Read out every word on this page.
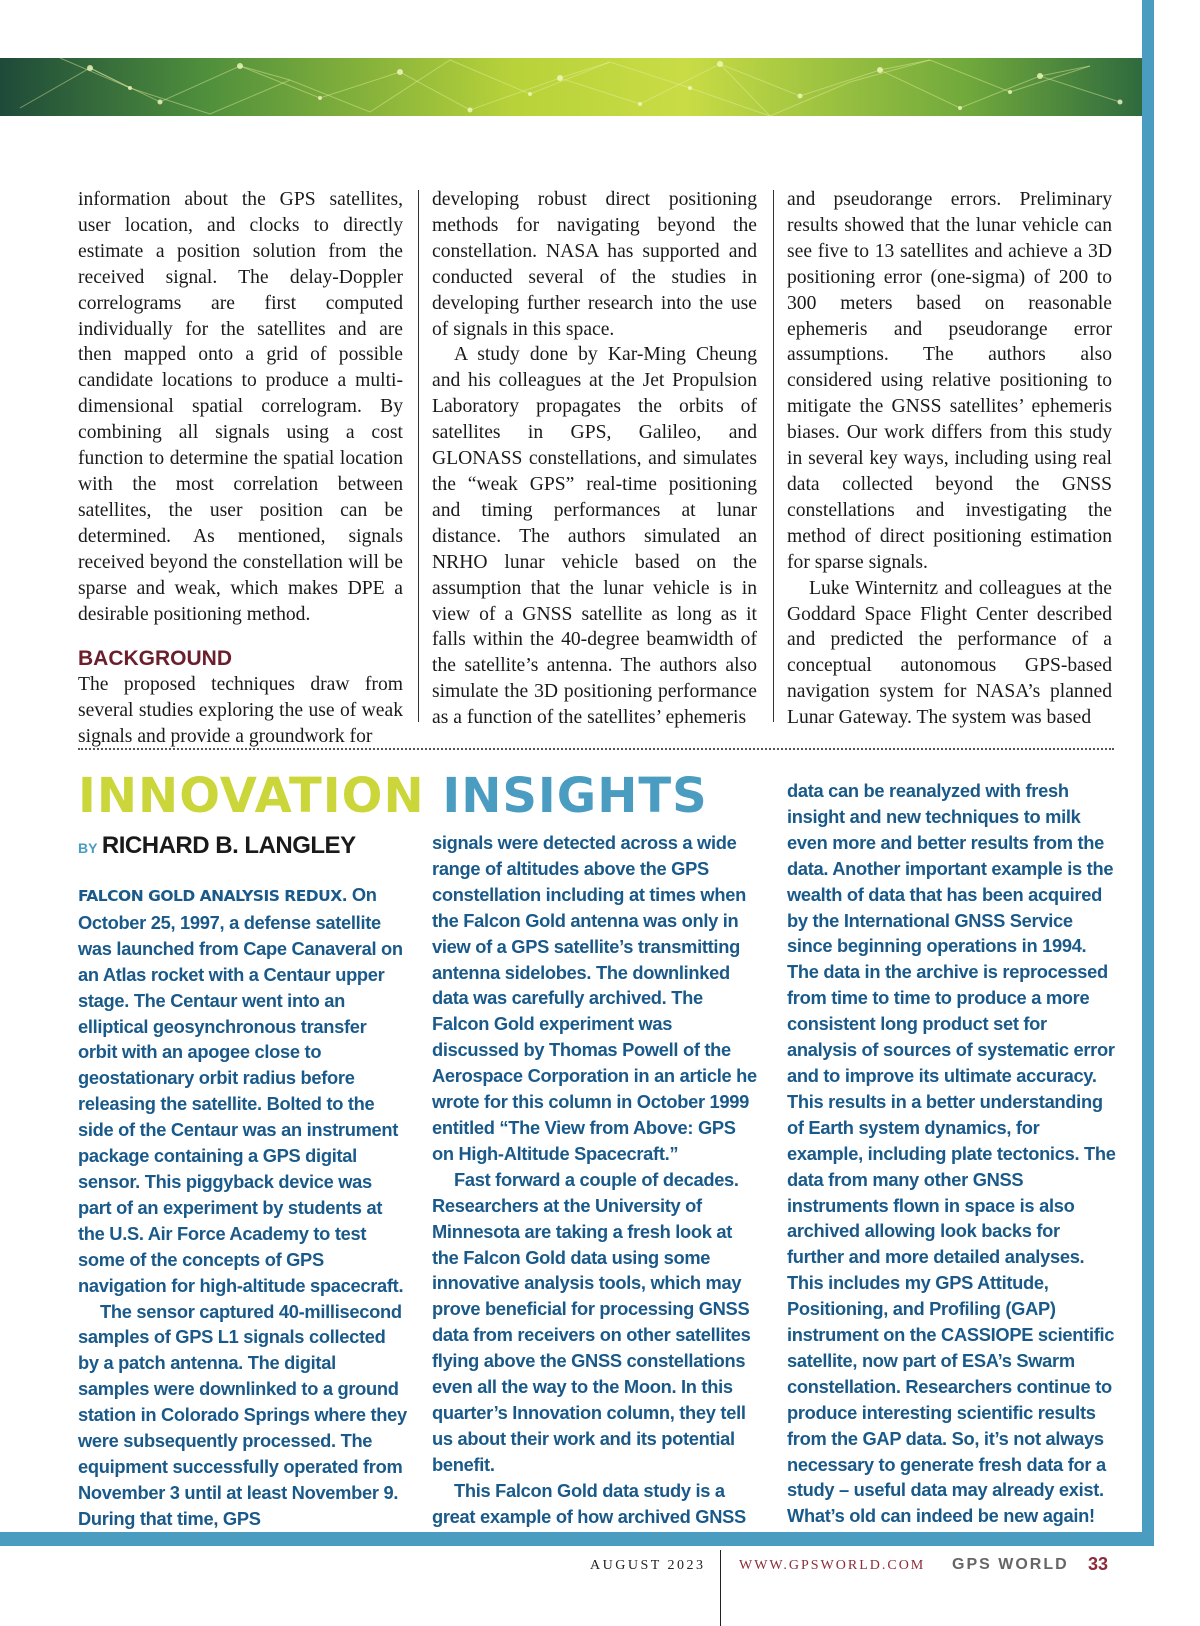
information about the GPS satellites, user location, and clocks to directly estimate a position solution from the received signal. The delay-Doppler correlograms are first computed individually for the satellites and are then mapped onto a grid of possible candidate locations to produce a multi-dimensional spatial correlogram. By combining all signals using a cost function to determine the spatial location with the most correlation between satellites, the user position can be determined. As mentioned, signals received beyond the constellation will be sparse and weak, which makes DPE a desirable positioning method.

BACKGROUND

The proposed techniques draw from several studies exploring the use of weak signals and provide a groundwork for

developing robust direct positioning methods for navigating beyond the constellation. NASA has supported and conducted several of the studies in developing further research into the use of signals in this space.

A study done by Kar-Ming Cheung and his colleagues at the Jet Propulsion Laboratory propagates the orbits of satellites in GPS, Galileo, and GLONASS constellations, and simulates the “weak GPS” real-time positioning and timing performances at lunar distance. The authors simulated an NRHO lunar vehicle based on the assumption that the lunar vehicle is in view of a GNSS satellite as long as it falls within the 40-degree beamwidth of the satellite’s antenna. The authors also simulate the 3D positioning performance as a function of the satellites’ ephemeris

and pseudorange errors. Preliminary results showed that the lunar vehicle can see five to 13 satellites and achieve a 3D positioning error (one-sigma) of 200 to 300 meters based on reasonable ephemeris and pseudorange error assumptions. The authors also considered using relative positioning to mitigate the GNSS satellites’ ephemeris biases. Our work differs from this study in several key ways, including using real data collected beyond the GNSS constellations and investigating the method of direct positioning estimation for sparse signals.

Luke Winternitz and colleagues at the Goddard Space Flight Center described and predicted the performance of a conceptual autonomous GPS-based navigation system for NASA’s planned Lunar Gateway. The system was based

INNOVATION INSIGHTS

BY RICHARD B. LANGLEY

FALCON GOLD ANALYSIS REDUX. On October 25, 1997, a defense satellite was launched from Cape Canaveral on an Atlas rocket with a Centaur upper stage. The Centaur went into an elliptical geosynchronous transfer orbit with an apogee close to geostationary orbit radius before releasing the satellite. Bolted to the side of the Centaur was an instrument package containing a GPS digital sensor. This piggyback device was part of an experiment by students at the U.S. Air Force Academy to test some of the concepts of GPS navigation for high-altitude spacecraft.

The sensor captured 40-millisecond samples of GPS L1 signals collected by a patch antenna. The digital samples were downlinked to a ground station in Colorado Springs where they were subsequently processed. The equipment successfully operated from November 3 until at least November 9. During that time, GPS

signals were detected across a wide range of altitudes above the GPS constellation including at times when the Falcon Gold antenna was only in view of a GPS satellite’s transmitting antenna sidelobes. The downlinked data was carefully archived. The Falcon Gold experiment was discussed by Thomas Powell of the Aerospace Corporation in an article he wrote for this column in October 1999 entitled “The View from Above: GPS on High-Altitude Spacecraft.”

Fast forward a couple of decades. Researchers at the University of Minnesota are taking a fresh look at the Falcon Gold data using some innovative analysis tools, which may prove beneficial for processing GNSS data from receivers on other satellites flying above the GNSS constellations even all the way to the Moon. In this quarter’s Innovation column, they tell us about their work and its potential benefit.

This Falcon Gold data study is a great example of how archived GNSS

data can be reanalyzed with fresh insight and new techniques to milk even more and better results from the data. Another important example is the wealth of data that has been acquired by the International GNSS Service since beginning operations in 1994. The data in the archive is reprocessed from time to time to produce a more consistent long product set for analysis of sources of systematic error and to improve its ultimate accuracy. This results in a better understanding of Earth system dynamics, for example, including plate tectonics. The data from many other GNSS instruments flown in space is also archived allowing look backs for further and more detailed analyses. This includes my GPS Attitude, Positioning, and Profiling (GAP) instrument on the CASSIOPE scientific satellite, now part of ESA’s Swarm constellation. Researchers continue to produce interesting scientific results from the GAP data. So, it’s not always necessary to generate fresh data for a study – useful data may already exist. What’s old can indeed be new again!

AUGUST 2023 WWW.GPSWORLD.COM GPS WORLD 33
